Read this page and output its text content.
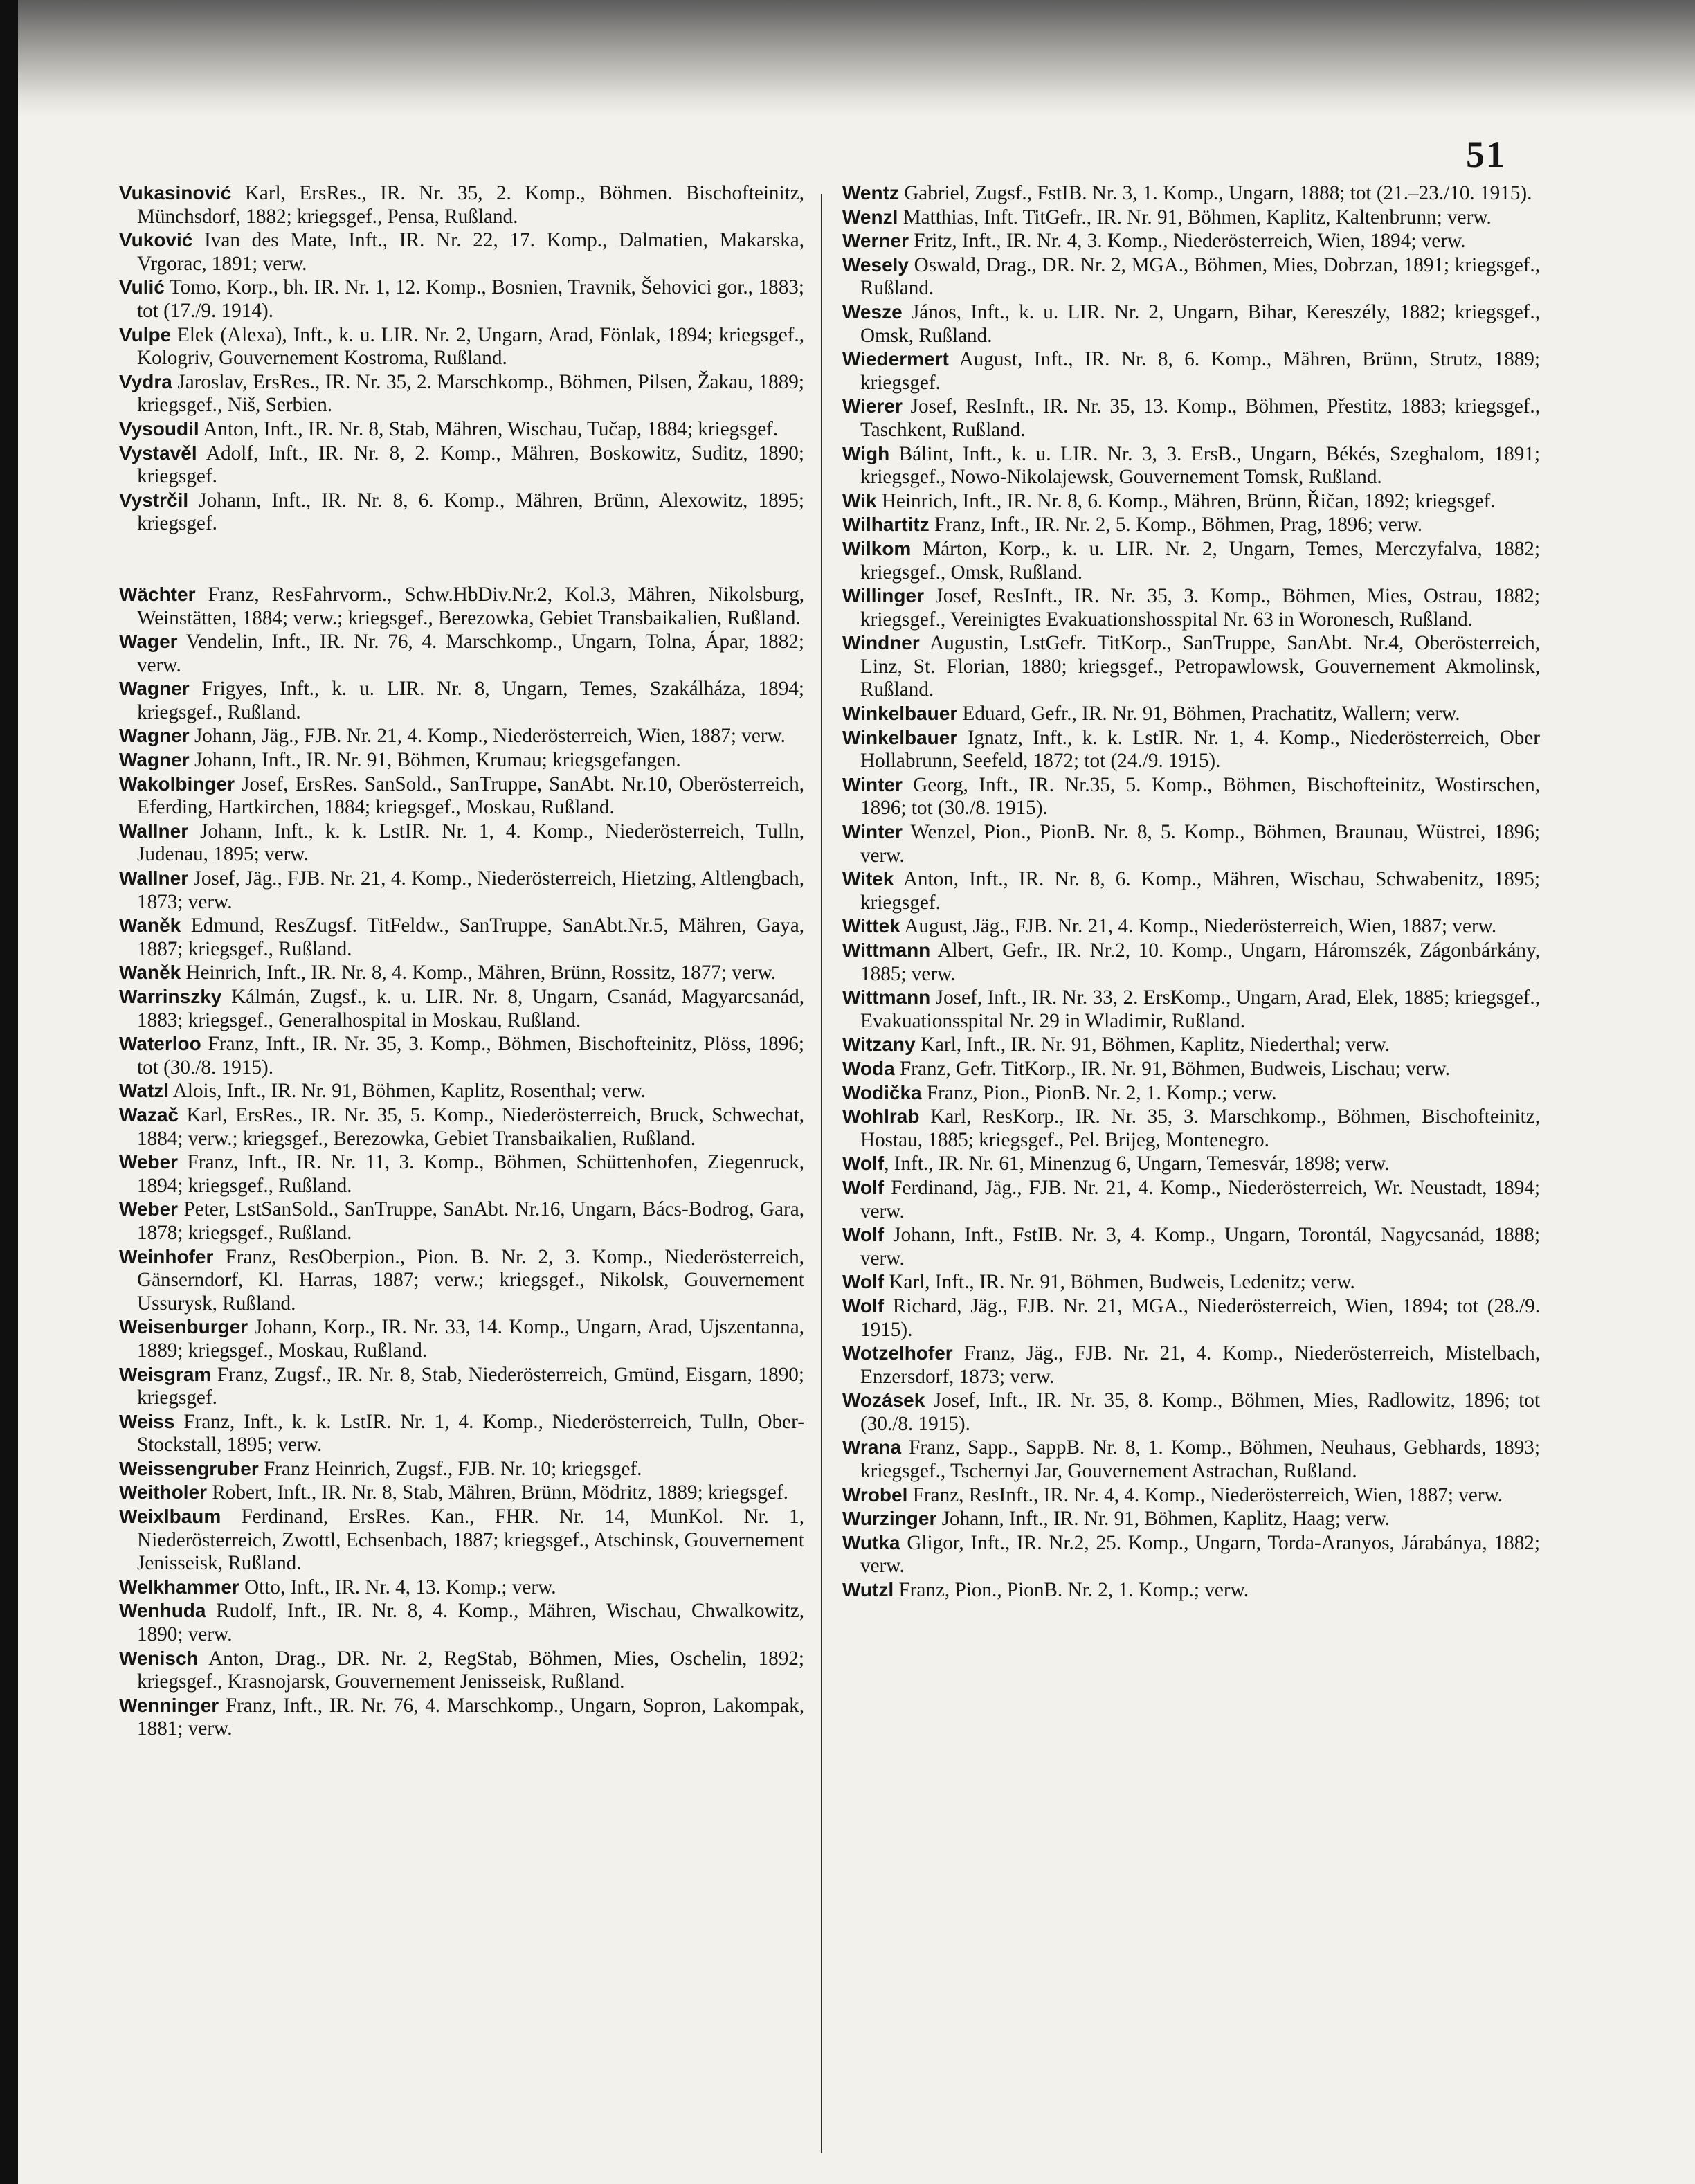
51

Vukasinović Karl, ErsRes., IR. Nr. 35, 2. Komp., Böhmen. Bischofteinitz, Münchsdorf, 1882; kriegsgef., Pensa, Rußland.

Vuković Ivan des Mate, Inft., IR. Nr. 22, 17. Komp., Dalmatien, Makarska, Vrgorac, 1891; verw.

Vulić Tomo, Korp., bh. IR. Nr. 1, 12. Komp., Bosnien, Travnik, Šehovici gor., 1883; tot (17./9. 1914).

Vulpe Elek (Alexa), Inft., k. u. LIR. Nr. 2, Ungarn, Arad, Fönlak, 1894; kriegsgef., Kologriv, Gouvernement Kostroma, Rußland.

Vydra Jaroslav, ErsRes., IR. Nr. 35, 2. Marschkomp., Böhmen, Pilsen, Žakau, 1889; kriegsgef., Niš, Serbien.

Vysoudil Anton, Inft., IR. Nr. 8, Stab, Mähren, Wischau, Tučap, 1884; kriegsgef.

Vystavěl Adolf, Inft., IR. Nr. 8, 2. Komp., Mähren, Boskowitz, Suditz, 1890; kriegsgef.

Vystrčil Johann, Inft., IR. Nr. 8, 6. Komp., Mähren, Brünn, Alexowitz, 1895; kriegsgef.

Wächter Franz, ResFahrvorm., Schw.HbDiv.Nr.2, Kol.3, Mähren, Nikolsburg, Weinstätten, 1884; verw.; kriegsgef., Berezowka, Gebiet Transbaikalien, Rußland.

Wager Vendelin, Inft., IR. Nr. 76, 4. Marschkomp., Ungarn, Tolna, Ápar, 1882; verw.

Wagner Frigyes, Inft., k. u. LIR. Nr. 8, Ungarn, Temes, Szakálháza, 1894; kriegsgef., Rußland.

Wagner Johann, Jäg., FJB. Nr. 21, 4. Komp., Niederösterreich, Wien, 1887; verw.

Wagner Johann, Inft., IR. Nr. 91, Böhmen, Krumau; kriegsgefangen.

Wakolbinger Josef, ErsRes. SanSold., SanTruppe, SanAbt. Nr.10, Oberösterreich, Eferding, Hartkirchen, 1884; kriegsgef., Moskau, Rußland.

Wallner Johann, Inft., k. k. LstIR. Nr. 1, 4. Komp., Niederösterreich, Tulln, Judenau, 1895; verw.

Wallner Josef, Jäg., FJB. Nr. 21, 4. Komp., Niederösterreich, Hietzing, Altlengbach, 1873; verw.

Waněk Edmund, ResZugsf. TitFeldw., SanTruppe, SanAbt.Nr.5, Mähren, Gaya, 1887; kriegsgef., Rußland.

Waněk Heinrich, Inft., IR. Nr. 8, 4. Komp., Mähren, Brünn, Rossitz, 1877; verw.

Warrinszky Kálmán, Zugsf., k. u. LIR. Nr. 8, Ungarn, Csanád, Magyarcsanád, 1883; kriegsgef., Generalhospital in Moskau, Rußland.

Waterloo Franz, Inft., IR. Nr. 35, 3. Komp., Böhmen, Bischofteinitz, Plöss, 1896; tot (30./8. 1915).

Watzl Alois, Inft., IR. Nr. 91, Böhmen, Kaplitz, Rosenthal; verw.

Wazač Karl, ErsRes., IR. Nr. 35, 5. Komp., Niederösterreich, Bruck, Schwechat, 1884; verw.; kriegsgef., Berezowka, Gebiet Transbaikalien, Rußland.

Weber Franz, Inft., IR. Nr. 11, 3. Komp., Böhmen, Schüttenhofen, Ziegenruck, 1894; kriegsgef., Rußland.

Weber Peter, LstSanSold., SanTruppe, SanAbt. Nr.16, Ungarn, Bács-Bodrog, Gara, 1878; kriegsgef., Rußland.

Weinhofer Franz, ResOberpion., Pion. B. Nr. 2, 3. Komp., Niederösterreich, Gänserndorf, Kl. Harras, 1887; verw.; kriegsgef., Nikolsk, Gouvernement Ussurysk, Rußland.

Weisenburger Johann, Korp., IR. Nr. 33, 14. Komp., Ungarn, Arad, Ujszentanna, 1889; kriegsgef., Moskau, Rußland.

Weisgram Franz, Zugsf., IR. Nr. 8, Stab, Niederösterreich, Gmünd, Eisgarn, 1890; kriegsgef.

Weiss Franz, Inft., k. k. LstIR. Nr. 1, 4. Komp., Niederösterreich, Tulln, Ober-Stockstall, 1895; verw.

Weissengruber Franz Heinrich, Zugsf., FJB. Nr. 10; kriegsgef.

Weitholer Robert, Inft., IR. Nr. 8, Stab, Mähren, Brünn, Mödritz, 1889; kriegsgef.

Weixlbaum Ferdinand, ErsRes. Kan., FHR. Nr. 14, MunKol. Nr. 1, Niederösterreich, Zwottl, Echsenbach, 1887; kriegsgef., Atschinsk, Gouvernement Jenisseisk, Rußland.

Welkhammer Otto, Inft., IR. Nr. 4, 13. Komp.; verw.

Wenhuda Rudolf, Inft., IR. Nr. 8, 4. Komp., Mähren, Wischau, Chwalkowitz, 1890; verw.

Wenisch Anton, Drag., DR. Nr. 2, RegStab, Böhmen, Mies, Oschelin, 1892; kriegsgef., Krasnojarsk, Gouvernement Jenisseisk, Rußland.

Wenninger Franz, Inft., IR. Nr. 76, 4. Marschkomp., Ungarn, Sopron, Lakompak, 1881; verw.

Wentz Gabriel, Zugsf., FstIB. Nr. 3, 1. Komp., Ungarn, 1888; tot (21.–23./10. 1915).

Wenzl Matthias, Inft. TitGefr., IR. Nr. 91, Böhmen, Kaplitz, Kaltenbrunn; verw.

Werner Fritz, Inft., IR. Nr. 4, 3. Komp., Niederösterreich, Wien, 1894; verw.

Wesely Oswald, Drag., DR. Nr. 2, MGA., Böhmen, Mies, Dobrzan, 1891; kriegsgef., Rußland.

Wesze János, Inft., k. u. LIR. Nr. 2, Ungarn, Bihar, Kereszély, 1882; kriegsgef., Omsk, Rußland.

Wiedermert August, Inft., IR. Nr. 8, 6. Komp., Mähren, Brünn, Strutz, 1889; kriegsgef.

Wierer Josef, ResInft., IR. Nr. 35, 13. Komp., Böhmen, Přestitz, 1883; kriegsgef., Taschkent, Rußland.

Wigh Bálint, Inft., k. u. LIR. Nr. 3, 3. ErsB., Ungarn, Békés, Szeghalom, 1891; kriegsgef., Nowo-Nikolajewsk, Gouvernement Tomsk, Rußland.

Wik Heinrich, Inft., IR. Nr. 8, 6. Komp., Mähren, Brünn, Řičan, 1892; kriegsgef.

Wilhartitz Franz, Inft., IR. Nr. 2, 5. Komp., Böhmen, Prag, 1896; verw.

Wilkom Márton, Korp., k. u. LIR. Nr. 2, Ungarn, Temes, Merczyfalva, 1882; kriegsgef., Omsk, Rußland.

Willinger Josef, ResInft., IR. Nr. 35, 3. Komp., Böhmen, Mies, Ostrau, 1882; kriegsgef., Vereinigtes Evakuationshosspital Nr. 63 in Woronesch, Rußland.

Windner Augustin, LstGefr. TitKorp., SanTruppe, SanAbt. Nr.4, Oberösterreich, Linz, St. Florian, 1880; kriegsgef., Petropawlowsk, Gouvernement Akmolinsk, Rußland.

Winkelbauer Eduard, Gefr., IR. Nr. 91, Böhmen, Prachatitz, Wallern; verw.

Winkelbauer Ignatz, Inft., k. k. LstIR. Nr. 1, 4. Komp., Niederösterreich, Ober Hollabrunn, Seefeld, 1872; tot (24./9. 1915).

Winter Georg, Inft., IR. Nr.35, 5. Komp., Böhmen, Bischofteinitz, Wostirschen, 1896; tot (30./8. 1915).

Winter Wenzel, Pion., PionB. Nr. 8, 5. Komp., Böhmen, Braunau, Wüstrei, 1896; verw.

Witek Anton, Inft., IR. Nr. 8, 6. Komp., Mähren, Wischau, Schwabenitz, 1895; kriegsgef.

Wittek August, Jäg., FJB. Nr. 21, 4. Komp., Niederösterreich, Wien, 1887; verw.

Wittmann Albert, Gefr., IR. Nr.2, 10. Komp., Ungarn, Háromszék, Zágonbárkány, 1885; verw.

Wittmann Josef, Inft., IR. Nr. 33, 2. ErsKomp., Ungarn, Arad, Elek, 1885; kriegsgef., Evakuationsspital Nr. 29 in Wladimir, Rußland.

Witzany Karl, Inft., IR. Nr. 91, Böhmen, Kaplitz, Niederthal; verw.

Woda Franz, Gefr. TitKorp., IR. Nr. 91, Böhmen, Budweis, Lischau; verw.

Wodička Franz, Pion., PionB. Nr. 2, 1. Komp.; verw.

Wohlrab Karl, ResKorp., IR. Nr. 35, 3. Marschkomp., Böhmen, Bischofteinitz, Hostau, 1885; kriegsgef., Pel. Brijeg, Montenegro.

Wolf, Inft., IR. Nr. 61, Minenzug 6, Ungarn, Temesvár, 1898; verw.

Wolf Ferdinand, Jäg., FJB. Nr. 21, 4. Komp., Niederösterreich, Wr. Neustadt, 1894; verw.

Wolf Johann, Inft., FstIB. Nr. 3, 4. Komp., Ungarn, Torontál, Nagycsanád, 1888; verw.

Wolf Karl, Inft., IR. Nr. 91, Böhmen, Budweis, Ledenitz; verw.

Wolf Richard, Jäg., FJB. Nr. 21, MGA., Niederösterreich, Wien, 1894; tot (28./9. 1915).

Wotzelhofer Franz, Jäg., FJB. Nr. 21, 4. Komp., Niederösterreich, Mistelbach, Enzersdorf, 1873; verw.

Wozásek Josef, Inft., IR. Nr. 35, 8. Komp., Böhmen, Mies, Radlowitz, 1896; tot (30./8. 1915).

Wrana Franz, Sapp., SappB. Nr. 8, 1. Komp., Böhmen, Neuhaus, Gebhards, 1893; kriegsgef., Tschernyi Jar, Gouvernement Astrachan, Rußland.

Wrobel Franz, ResInft., IR. Nr. 4, 4. Komp., Niederösterreich, Wien, 1887; verw.

Wurzinger Johann, Inft., IR. Nr. 91, Böhmen, Kaplitz, Haag; verw.

Wutka Gligor, Inft., IR. Nr.2, 25. Komp., Ungarn, Torda-Aranyos, Járabánya, 1882; verw.

Wutzl Franz, Pion., PionB. Nr. 2, 1. Komp.; verw.
